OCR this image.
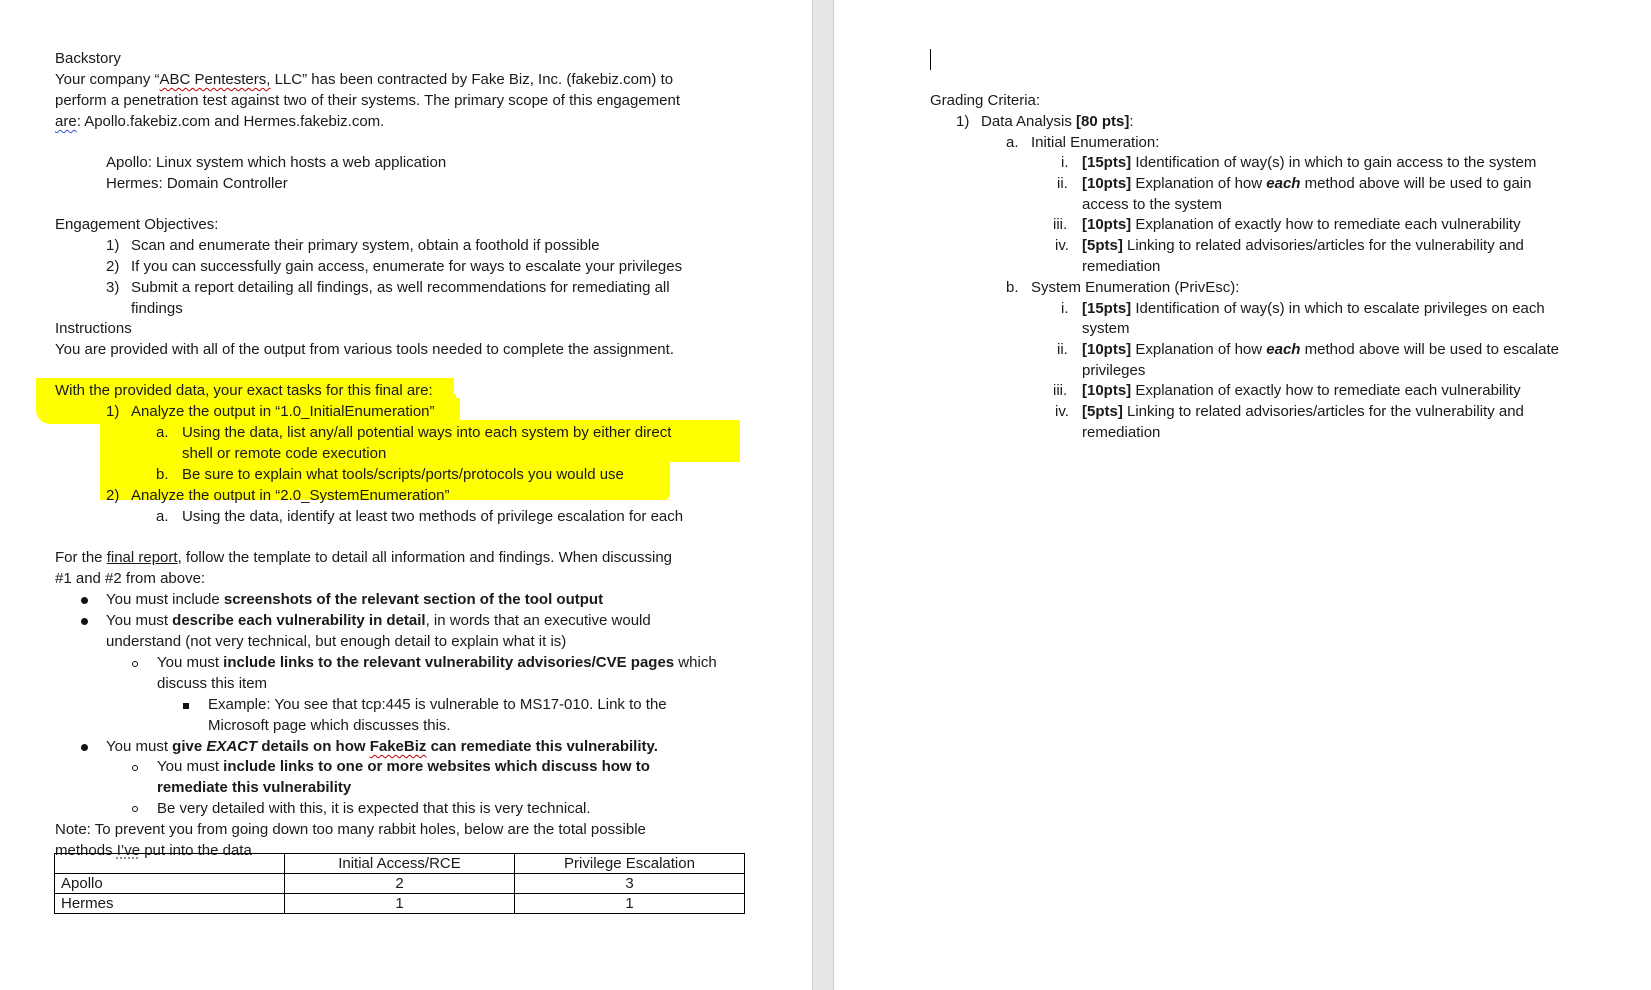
Backstory
Your company “ABC Pentesters, LLC” has been contracted by Fake Biz, Inc. (fakebiz.com) to
perform a penetration test against two of their systems. The primary scope of this engagement
are: Apollo.fakebiz.com and Hermes.fakebiz.com.
Apollo: Linux system which hosts a web application
Hermes: Domain Controller
Engagement Objectives:
1) Scan and enumerate their primary system, obtain a foothold if possible
2) If you can successfully gain access, enumerate for ways to escalate your privileges
3) Submit a report detailing all findings, as well recommendations for remediating all
findings
Instructions
You are provided with all of the output from various tools needed to complete the assignment.
With the provided data, your exact tasks for this final are:
1) Analyze the output in “1.0_InitialEnumeration”
a. Using the data, list any/all potential ways into each system by either direct
shell or remote code execution
b. Be sure to explain what tools/scripts/ports/protocols you would use
2) Analyze the output in “2.0_SystemEnumeration”
a. Using the data, identify at least two methods of privilege escalation for each
For the final report, follow the template to detail all information and findings. When discussing
#1 and #2 from above:
You must include screenshots of the relevant section of the tool output
You must describe each vulnerability in detail, in words that an executive would
understand (not very technical, but enough detail to explain what it is)
You must include links to the relevant vulnerability advisories/CVE pages which
discuss this item
Example: You see that tcp:445 is vulnerable to MS17-010. Link to the
Microsoft page which discusses this.
You must give EXACT details on how FakeBiz can remediate this vulnerability.
You must include links to one or more websites which discuss how to
remediate this vulnerability
Be very detailed with this, it is expected that this is very technical.
Note: To prevent you from going down too many rabbit holes, below are the total possible
methods I’ve put into the data
	Initial Access/RCE	Privilege Escalation
Apollo	2	3
Hermes	1	1
Grading Criteria:
1) Data Analysis [80 pts]:
a. Initial Enumeration:
i. [15pts] Identification of way(s) in which to gain access to the system
ii. [10pts] Explanation of how each method above will be used to gain
access to the system
iii. [10pts] Explanation of exactly how to remediate each vulnerability
iv. [5pts] Linking to related advisories/articles for the vulnerability and
remediation
b. System Enumeration (PrivEsc):
i. [15pts] Identification of way(s) in which to escalate privileges on each
system
ii. [10pts] Explanation of how each method above will be used to escalate
privileges
iii. [10pts] Explanation of exactly how to remediate each vulnerability
iv. [5pts] Linking to related advisories/articles for the vulnerability and
remediation
